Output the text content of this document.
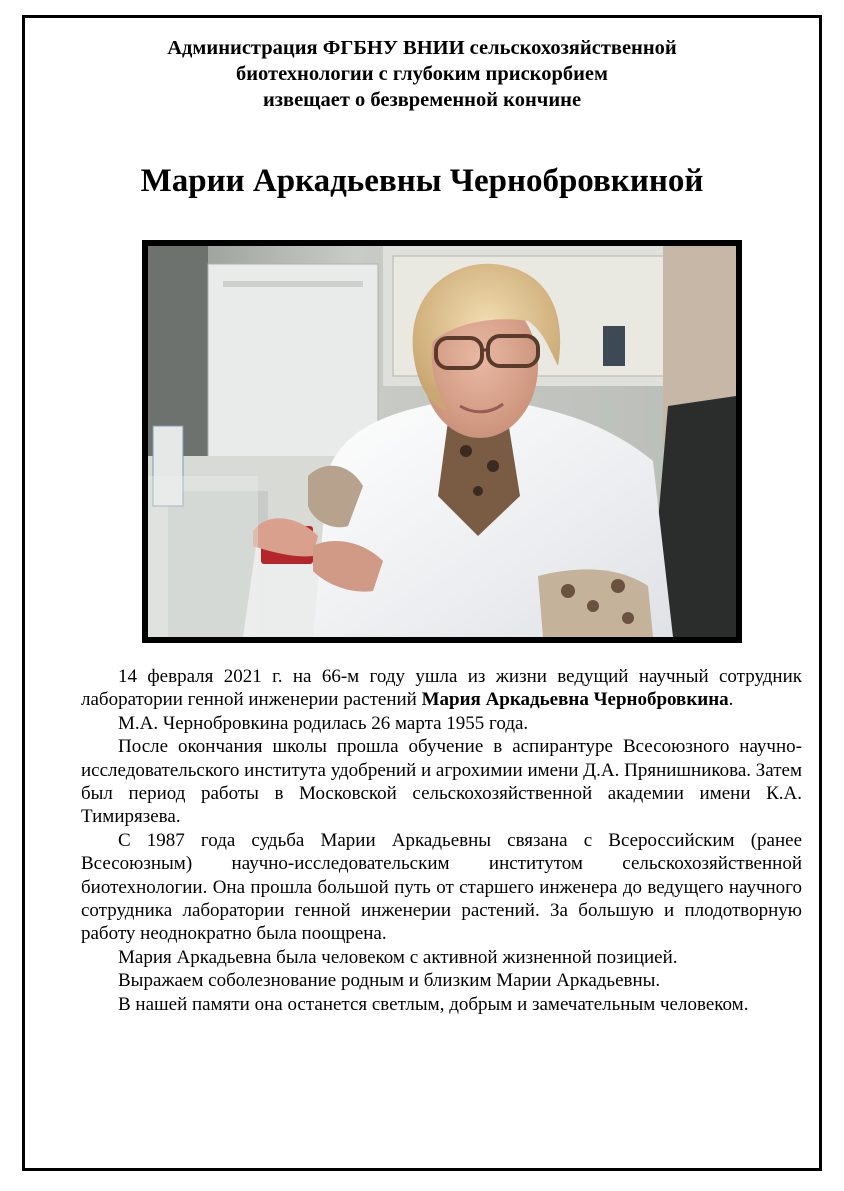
Администрация ФГБНУ ВНИИ сельскохозяйственной
биотехнологии с глубоким прискорбием
извещает о безвременной кончине
Марии Аркадьевны Чернобровкиной

14 февраля 2021 г. на 66-м году ушла из жизни ведущий научный сотрудник лаборатории генной инженерии растений Мария Аркадьевна Чернобровкина.

М.А. Чернобровкина родилась 26 марта 1955 года.

После окончания школы прошла обучение в аспирантуре Всесоюзного научно-исследовательского института удобрений и агрохимии имени Д.А. Прянишникова. Затем был период работы в Московской сельскохозяйственной академии имени К.А. Тимирязева.

С 1987 года судьба Марии Аркадьевны связана с Всероссийским (ранее Всесоюзным) научно-исследовательским институтом сельскохозяйственной биотехнологии. Она прошла большой путь от старшего инженера до ведущего научного сотрудника лаборатории генной инженерии растений. За большую и плодотворную работу неоднократно была поощрена.

Мария Аркадьевна была человеком с активной жизненной позицией.

Выражаем соболезнование родным и близким Марии Аркадьевны.

В нашей памяти она останется светлым, добрым и замечательным человеком.
